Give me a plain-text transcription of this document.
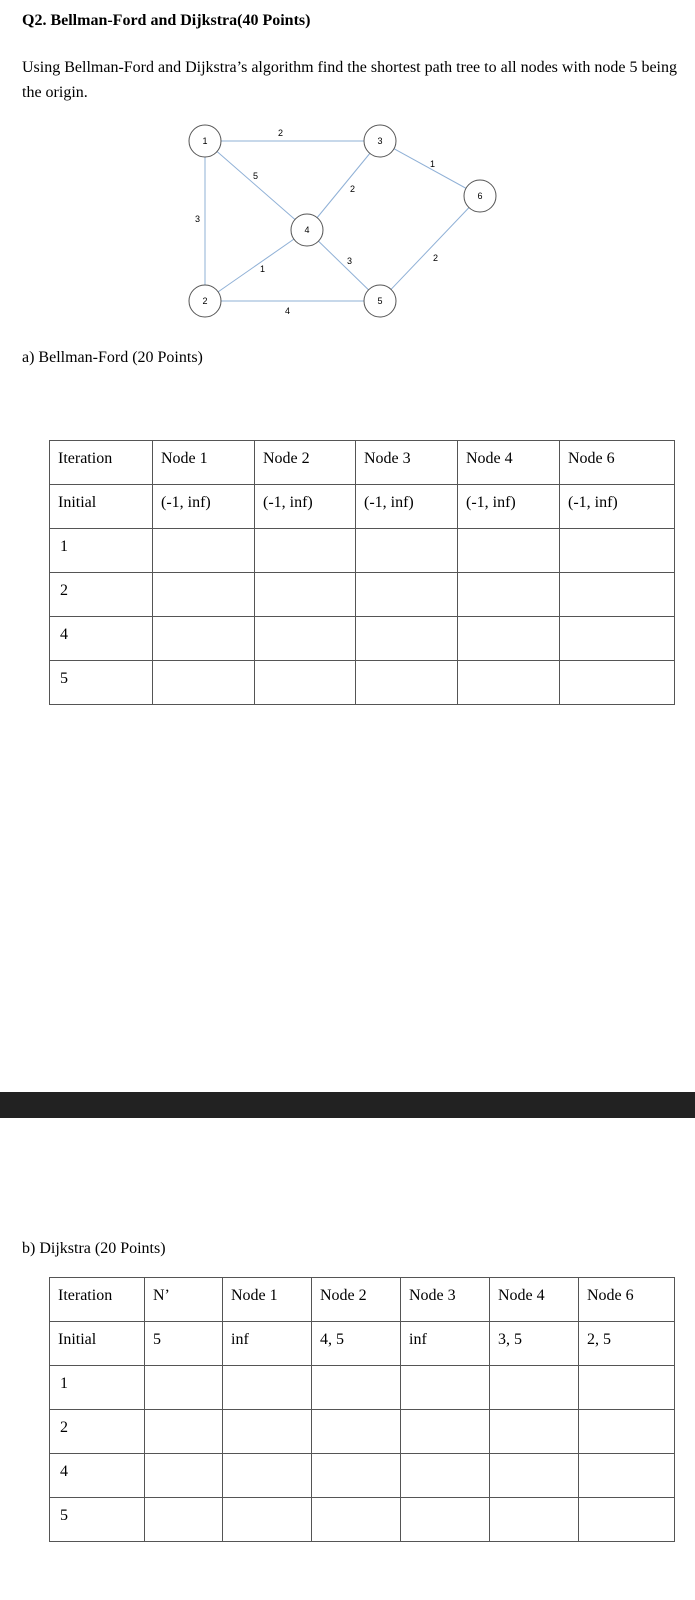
Q2. Bellman-Ford and Dijkstra(40 Points)
Using Bellman-Ford and Dijkstra’s algorithm find the shortest path tree to all nodes with node 5 being the origin.
2
3
5
1
4
2
3
1
2
1
2
3
4
5
6
a) Bellman-Ford (20 Points)
Iteration	Node 1	Node 2	Node 3	Node 4	Node 6
Initial	(-1, inf)	(-1, inf)	(-1, inf)	(-1, inf)	(-1, inf)
1					
2					
4					
5					
b) Dijkstra (20 Points)
Iteration	N’	Node 1	Node 2	Node 3	Node 4	Node 6
Initial	5	inf	4, 5	inf	3, 5	2, 5
1						
2						
4						
5						
